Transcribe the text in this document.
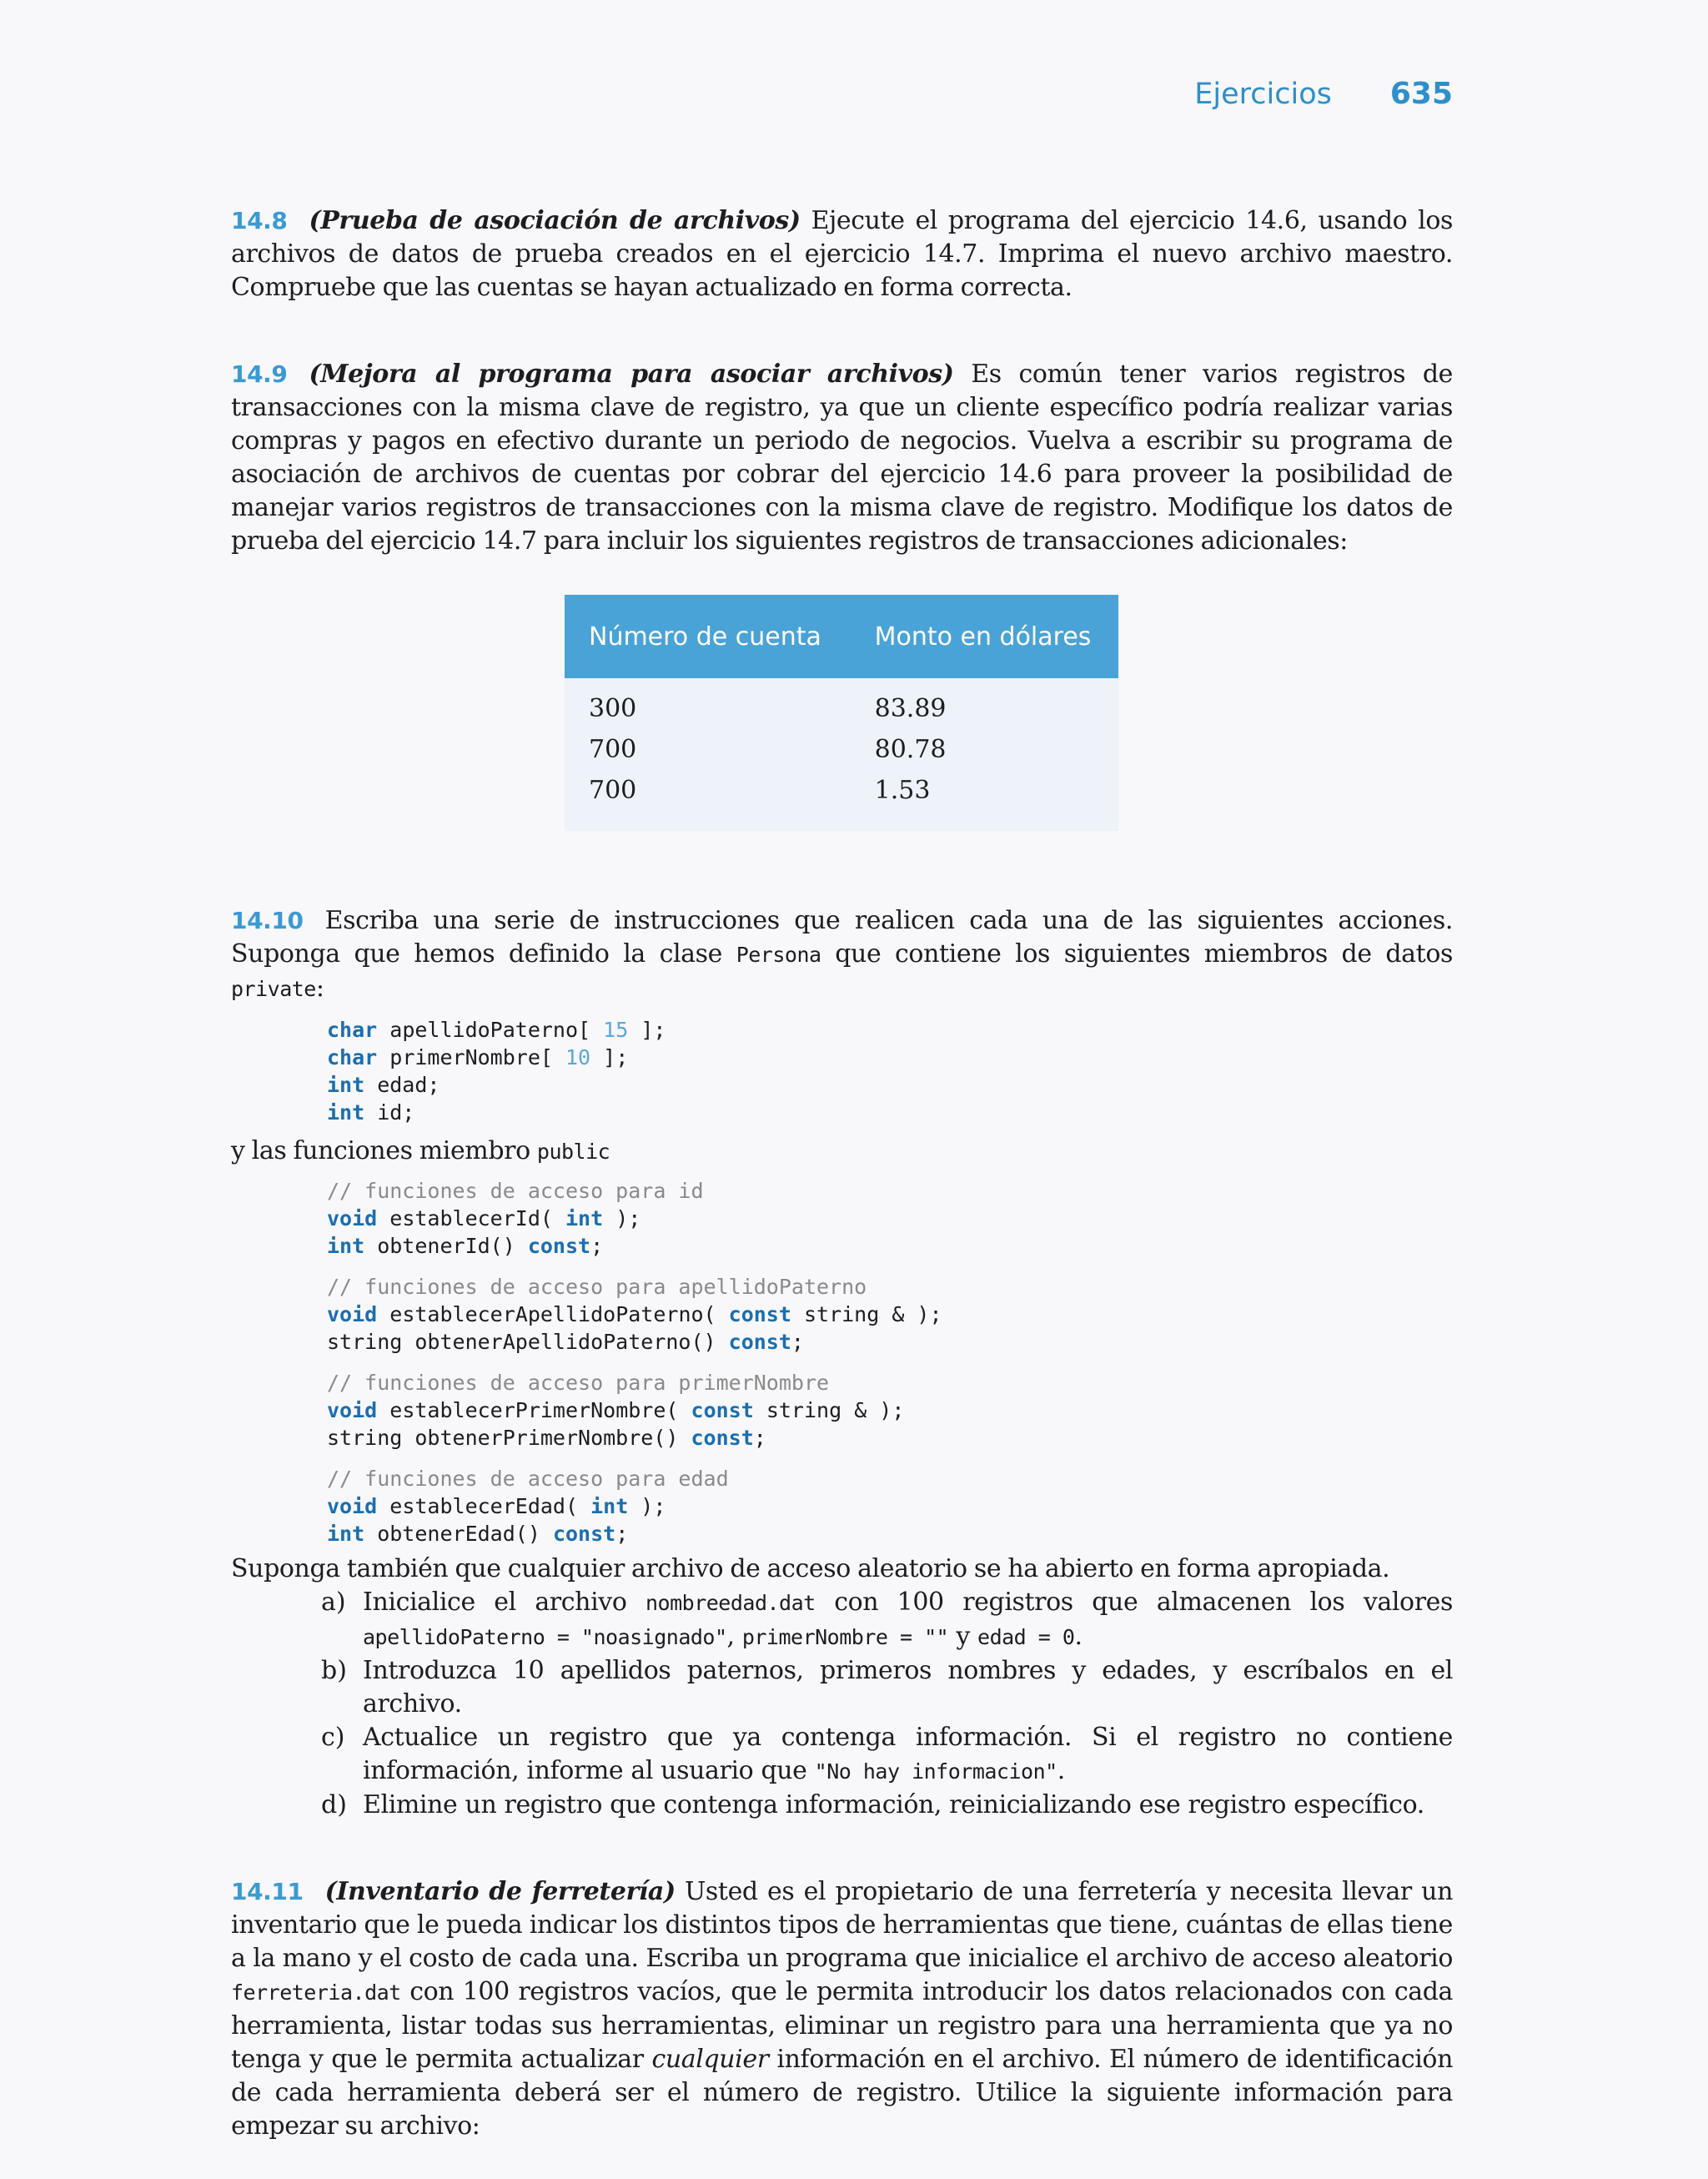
Ejercicios 635

14.8 (Prueba de asociación de archivos) Ejecute el programa del ejercicio 14.6, usando los archivos de datos de prueba creados en el ejercicio 14.7. Imprima el nuevo archivo maestro. Compruebe que las cuentas se hayan actualizado en forma correcta.

14.9 (Mejora al programa para asociar archivos) Es común tener varios registros de transacciones con la misma clave de registro, ya que un cliente específico podría realizar varias compras y pagos en efectivo durante un periodo de negocios. Vuelva a escribir su programa de asociación de archivos de cuentas por cobrar del ejercicio 14.6 para proveer la posibilidad de manejar varios registros de transacciones con la misma clave de registro. Modifique los datos de prueba del ejercicio 14.7 para incluir los siguientes registros de transacciones adicionales:

Número de cuenta	Monto en dólares
300	83.89
700	80.78
700	1.53

14.10 Escriba una serie de instrucciones que realicen cada una de las siguientes acciones. Suponga que hemos definido la clase Persona que contiene los siguientes miembros de datos private:

char apellidoPaterno[ 15 ];
char primerNombre[ 10 ];
int edad;
int id;

y las funciones miembro public

// funciones de acceso para id
void establecerId( int );
int obtenerId() const;
// funciones de acceso para apellidoPaterno
void establecerApellidoPaterno( const string & );
string obtenerApellidoPaterno() const;
// funciones de acceso para primerNombre
void establecerPrimerNombre( const string & );
string obtenerPrimerNombre() const;
// funciones de acceso para edad
void establecerEdad( int );
int obtenerEdad() const;

Suponga también que cualquier archivo de acceso aleatorio se ha abierto en forma apropiada.

a) Inicialice el archivo nombreedad.dat con 100 registros que almacenen los valores apellidoPaterno = "noasignado", primerNombre = "" y edad = 0.
b) Introduzca 10 apellidos paternos, primeros nombres y edades, y escríbalos en el archivo.
c) Actualice un registro que ya contenga información. Si el registro no contiene información, informe al usuario que "No hay informacion".
d) Elimine un registro que contenga información, reinicializando ese registro específico.

14.11 (Inventario de ferretería) Usted es el propietario de una ferretería y necesita llevar un inventario que le pueda indicar los distintos tipos de herramientas que tiene, cuántas de ellas tiene a la mano y el costo de cada una. Escriba un programa que inicialice el archivo de acceso aleatorio ferreteria.dat con 100 registros vacíos, que le permita introducir los datos relacionados con cada herramienta, listar todas sus herramientas, eliminar un registro para una herramienta que ya no tenga y que le permita actualizar cualquier información en el archivo. El número de identificación de cada herramienta deberá ser el número de registro. Utilice la siguiente información para empezar su archivo:
